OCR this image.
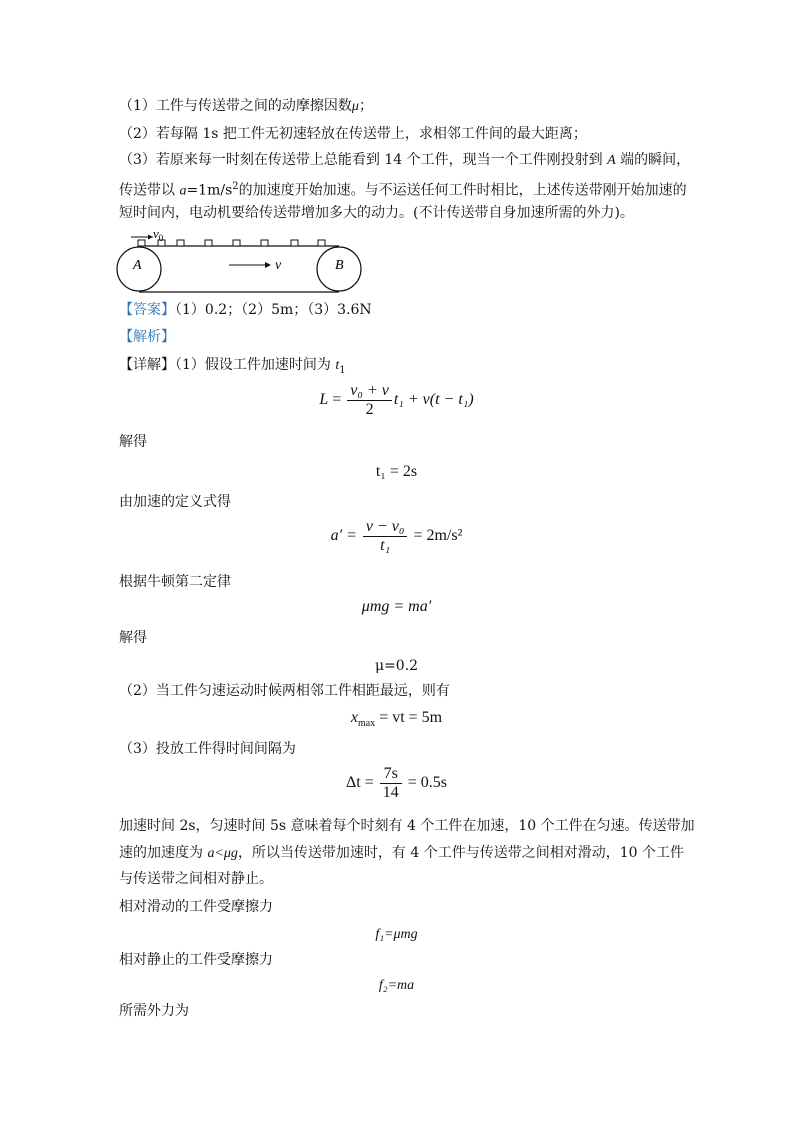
（1）工件与传送带之间的动摩擦因数μ；
（2）若每隔 1s 把工件无初速轻放在传送带上，求相邻工件间的最大距离；
（3）若原来每一时刻在传送带上总能看到 14 个工件，现当一个工件刚投射到 A 端的瞬间，
传送带以 $a=1m/s^2$的加速度开始加速。与不运送任何工件时相比，上述传送带刚开始加速的
短时间内，电动机要给传送带增加多大的动力。(不计传送带自身加速所需的外力)。
$v_0$
v
A	B
【答案】（1）0.2；（2）5m；（3）3.6N
【解析】
【详解】（1）假设工件加速时间为 $t_1$
$L = \frac{\text{v₀ + v}}{2} t_1 + v(t - t_1)$
解得
t₁ = 2s
由加速的定义式得
$a' = \frac{\text{v − v₀}}{\text{t₁}} = 2m/s^2$
根据牛顿第二定律
μmg = ma′
解得
μ=0.2
（2）当工件匀速运动时候两相邻工件相距最远，则有
$x_{max}$ = vt = 5m
（3）投放工件得时间间隔为
$\Delta t = \frac{7s}{14} = 0.5s$
加速时间 2s，匀速时间 5s 意味着每个时刻有 4 个工件在加速，10 个工件在匀速。传送带加
速的加速度为 a<μg，所以当传送带加速时，有 4 个工件与传送带之间相对滑动，10 个工件
与传送带之间相对静止。
相对滑动的工件受摩擦力
f₁=μmg
相对静止的工件受摩擦力
f₂=ma
所需外力为
